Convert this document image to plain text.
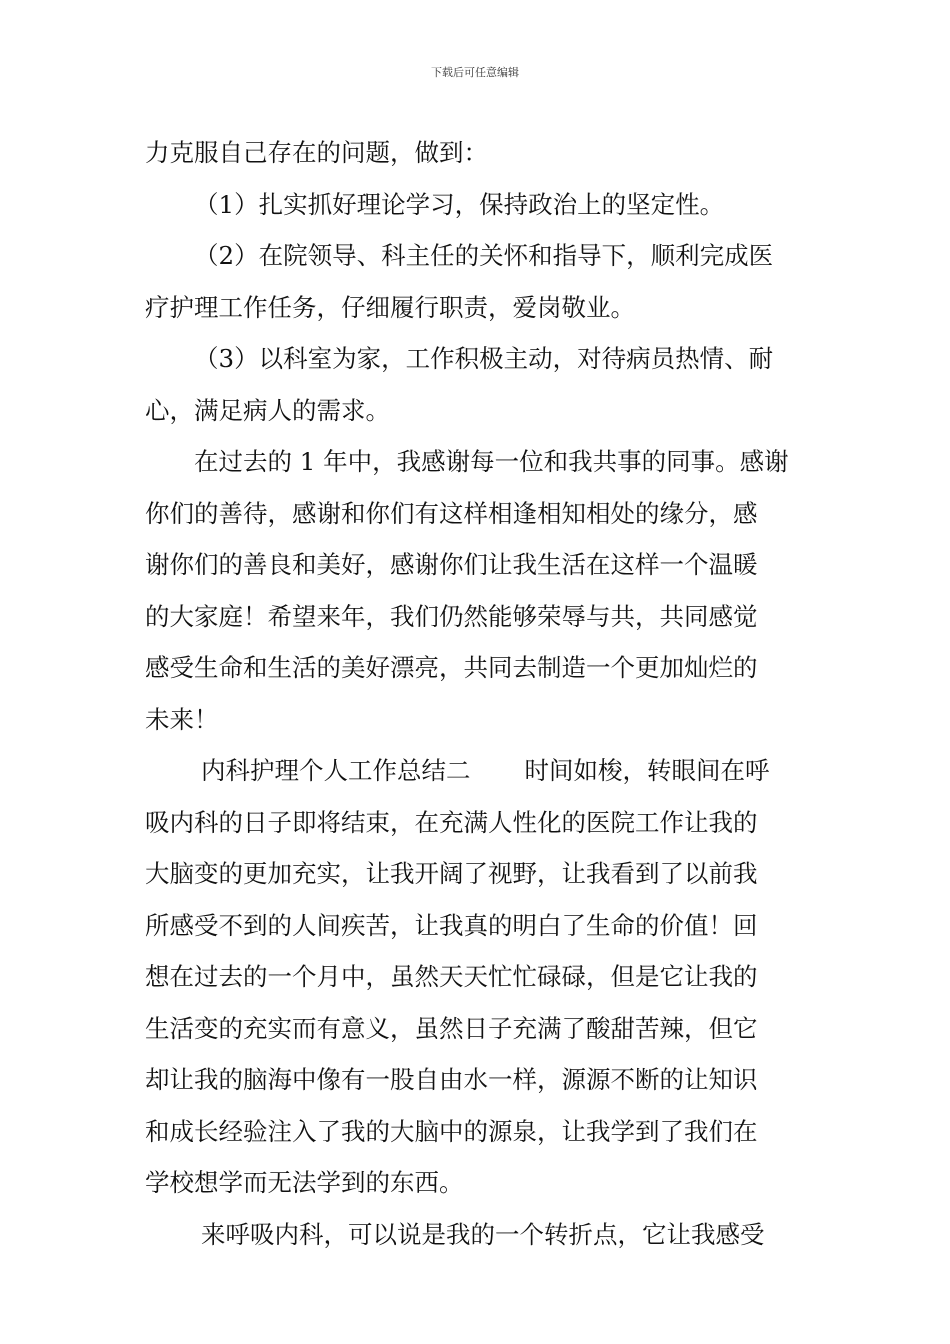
下载后可任意编辑

力克服自己存在的问题，做到：

（1）扎实抓好理论学习，保持政治上的坚定性。

（2）在院领导、科主任的关怀和指导下，顺利完成医
疗护理工作任务，仔细履行职责，爱岗敬业。

（3）以科室为家，工作积极主动，对待病员热情、耐
心，满足病人的需求。

在过去的 1 年中，我感谢每一位和我共事的同事。感谢
你们的善待，感谢和你们有这样相逢相知相处的缘分，感
谢你们的善良和美好，感谢你们让我生活在这样一个温暖
的大家庭！希望来年，我们仍然能够荣辱与共，共同感觉
感受生命和生活的美好漂亮，共同去制造一个更加灿烂的
未来！

内科护理个人工作总结二 时间如梭，转眼间在呼
吸内科的日子即将结束，在充满人性化的医院工作让我的
大脑变的更加充实，让我开阔了视野，让我看到了以前我
所感受不到的人间疾苦，让我真的明白了生命的价值！回
想在过去的一个月中，虽然天天忙忙碌碌，但是它让我的
生活变的充实而有意义，虽然日子充满了酸甜苦辣，但它
却让我的脑海中像有一股自由水一样，源源不断的让知识
和成长经验注入了我的大脑中的源泉，让我学到了我们在
学校想学而无法学到的东西。

来呼吸内科，可以说是我的一个转折点，它让我感受
